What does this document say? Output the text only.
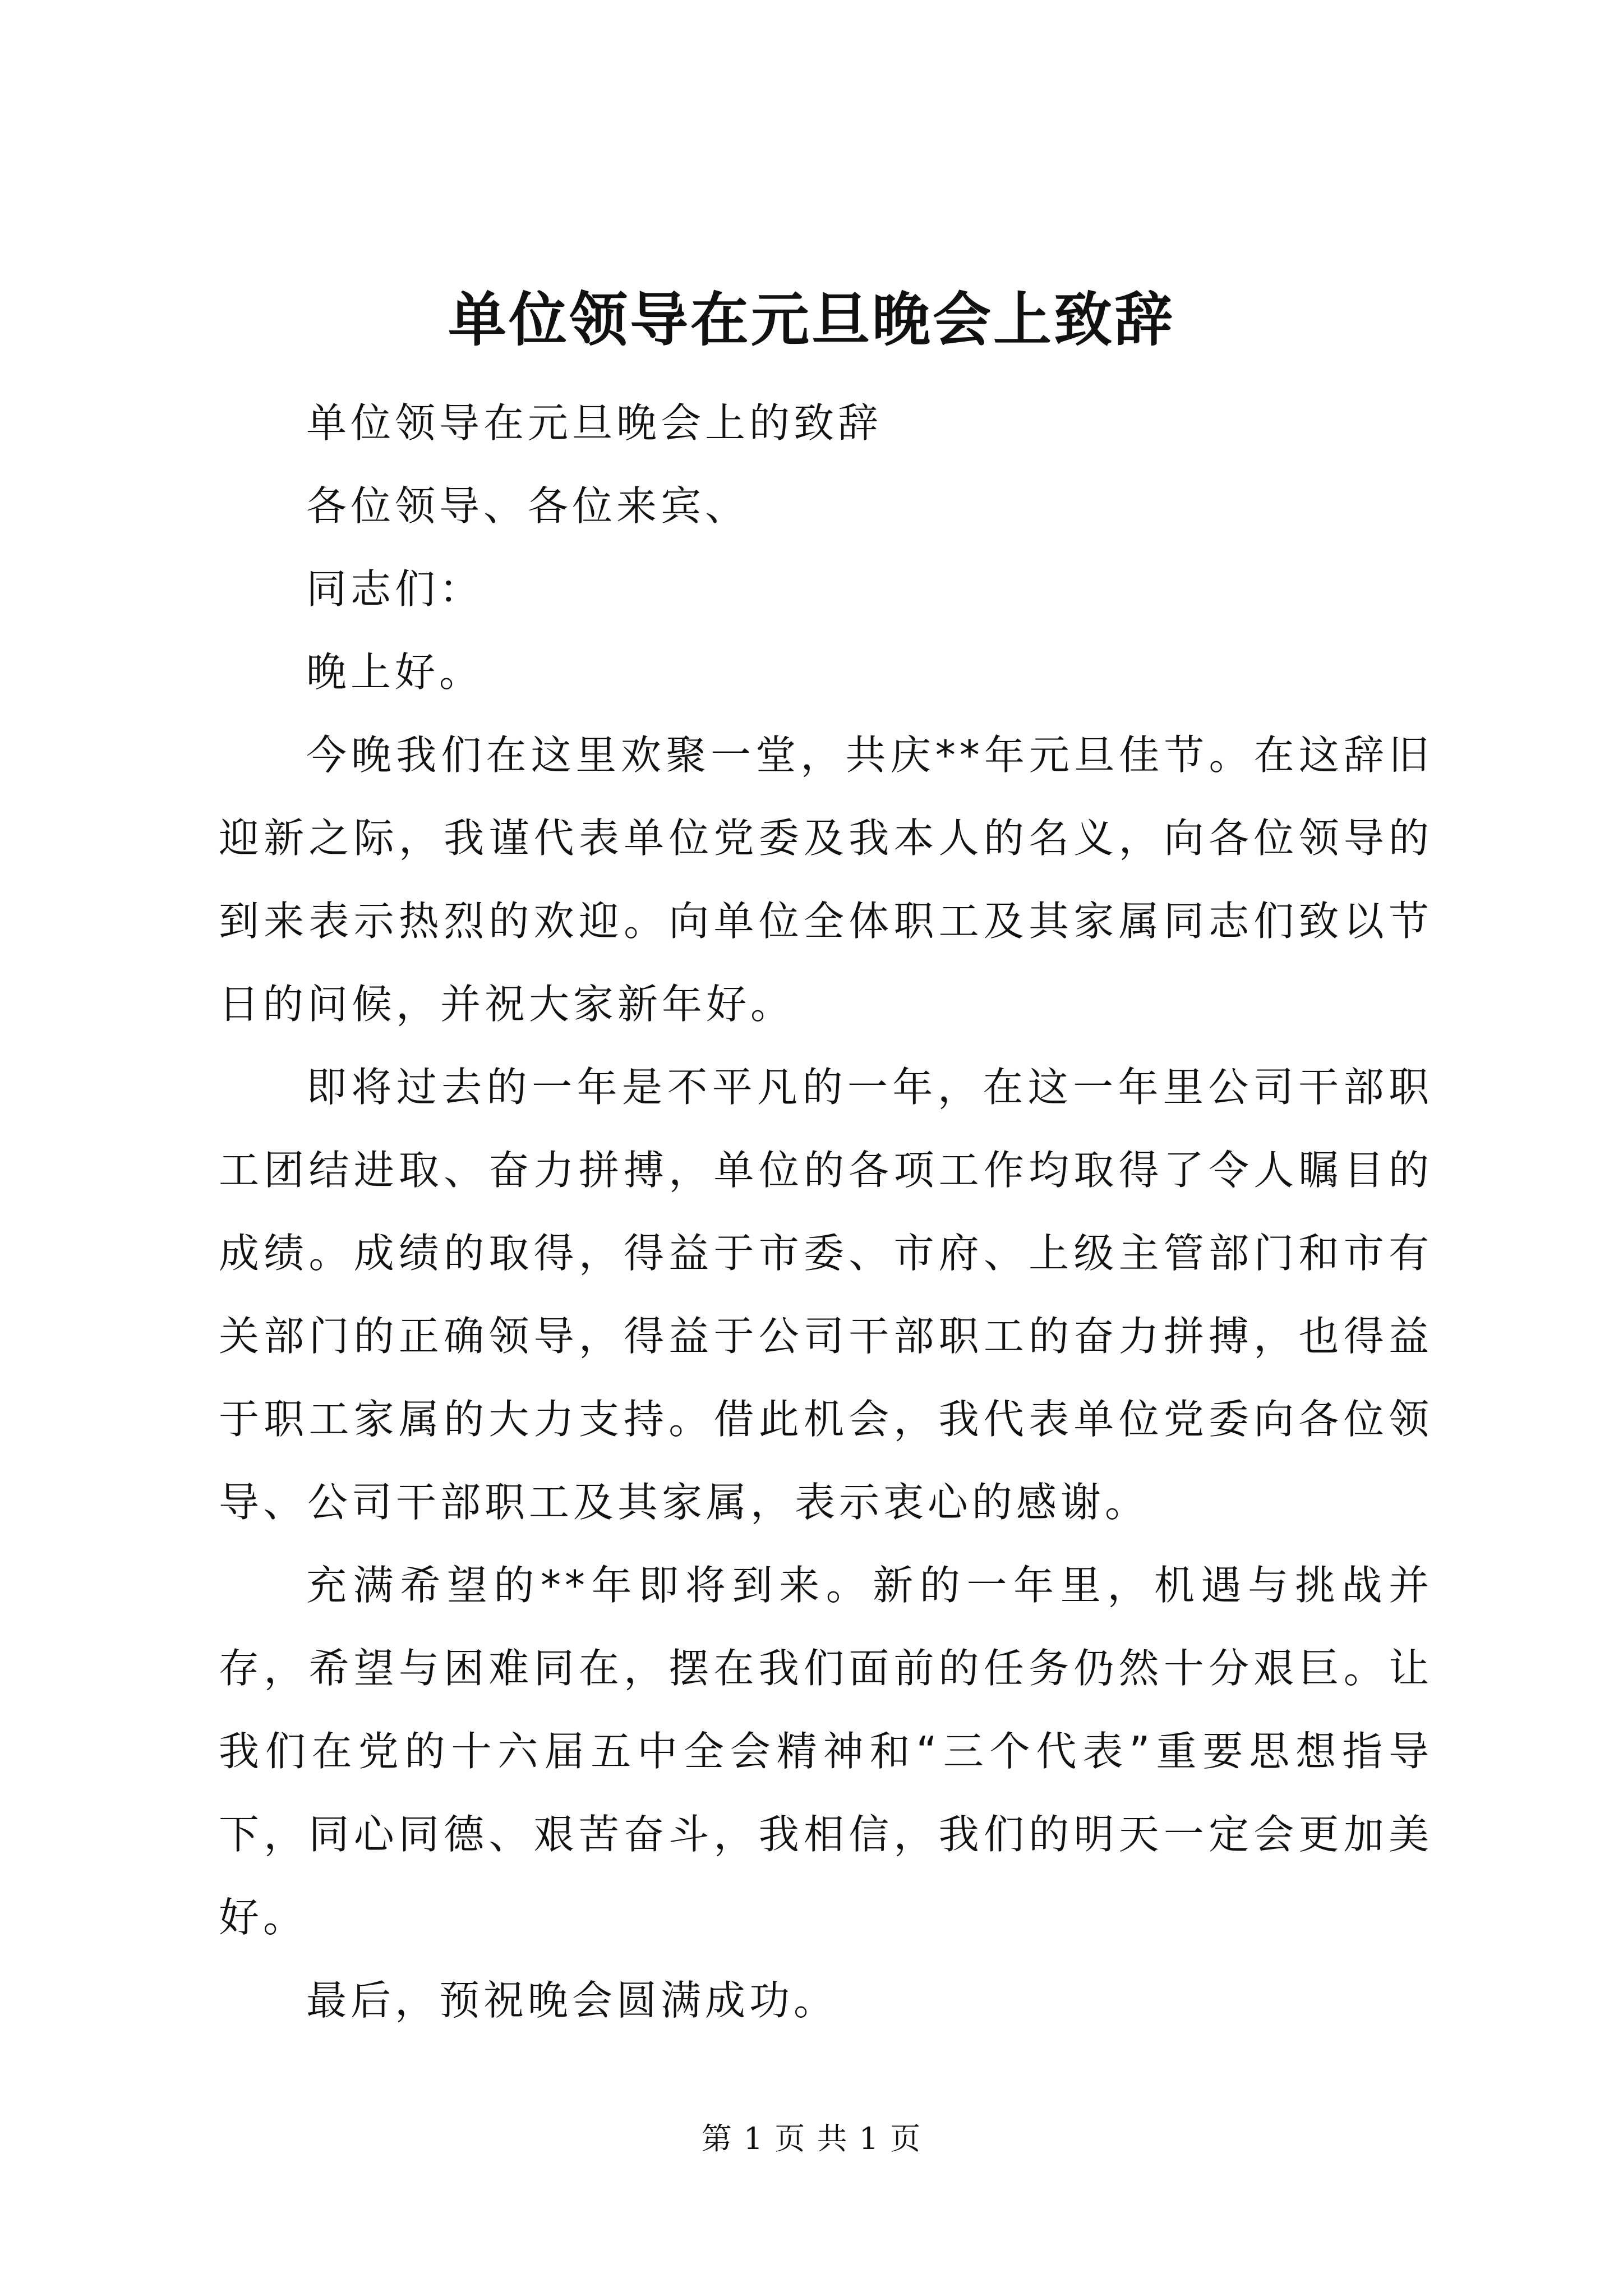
单位领导在元旦晚会上致辞

单位领导在元旦晚会上的致辞

各位领导、各位来宾、

同志们：

晚上好。

今晚我们在这里欢聚一堂，共庆**年元旦佳节。在这辞旧迎新之际，我谨代表单位党委及我本人的名义，向各位领导的到来表示热烈的欢迎。向单位全体职工及其家属同志们致以节日的问候，并祝大家新年好。

即将过去的一年是不平凡的一年，在这一年里公司干部职工团结进取、奋力拼搏，单位的各项工作均取得了令人瞩目的成绩。成绩的取得，得益于市委、市府、上级主管部门和市有关部门的正确领导，得益于公司干部职工的奋力拼搏，也得益于职工家属的大力支持。借此机会，我代表单位党委向各位领导、公司干部职工及其家属，表示衷心的感谢。

充满希望的**年即将到来。新的一年里，机遇与挑战并存，希望与困难同在，摆在我们面前的任务仍然十分艰巨。让我们在党的十六届五中全会精神和“三个代表”重要思想指导下，同心同德、艰苦奋斗，我相信，我们的明天一定会更加美好。

最后，预祝晚会圆满成功。

第 1 页 共 1 页
